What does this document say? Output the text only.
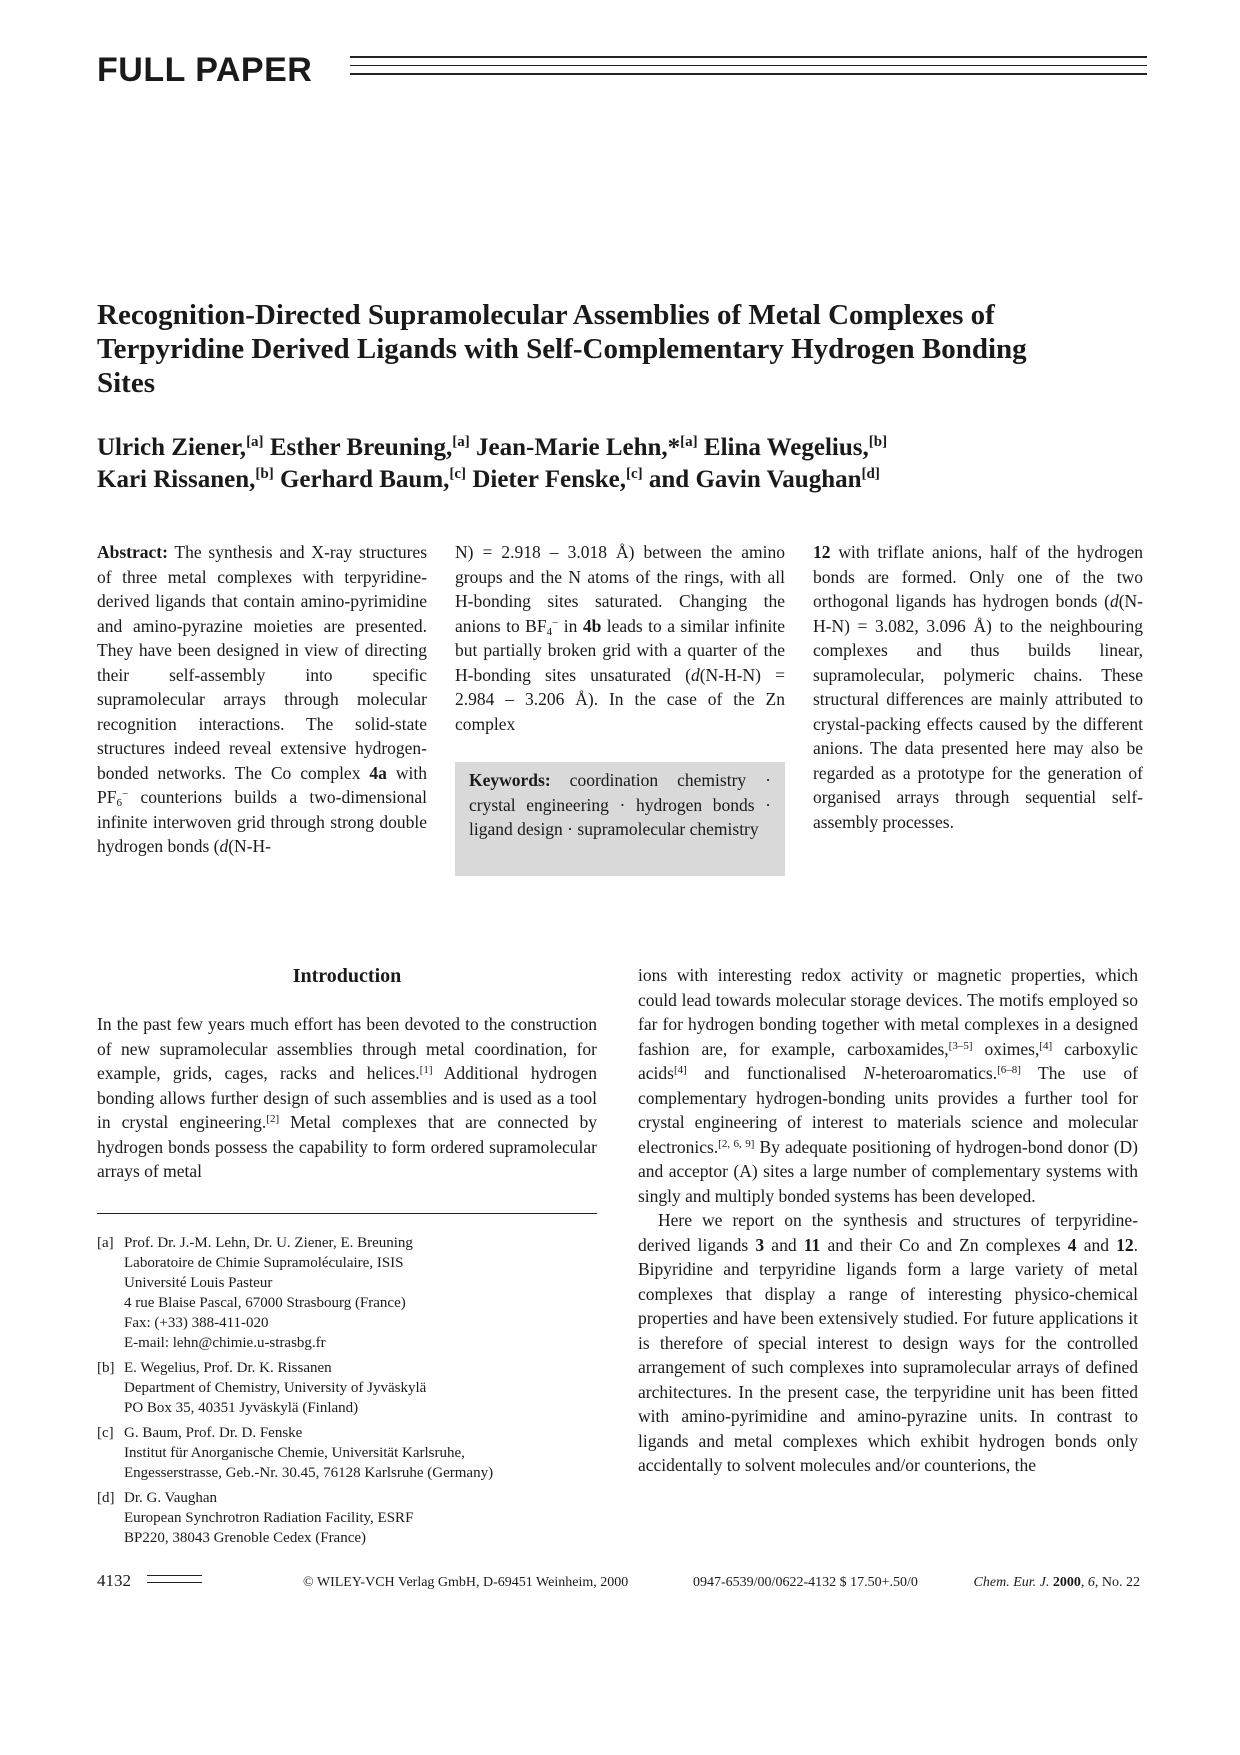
FULL PAPER
Recognition-Directed Supramolecular Assemblies of Metal Complexes of Terpyridine Derived Ligands with Self-Complementary Hydrogen Bonding Sites
Ulrich Ziener,[a] Esther Breuning,[a] Jean-Marie Lehn,*[a] Elina Wegelius,[b]
Kari Rissanen,[b] Gerhard Baum,[c] Dieter Fenske,[c] and Gavin Vaughan[d]
Abstract: The synthesis and X-ray structures of three metal complexes with terpyridine-derived ligands that contain amino-pyrimidine and amino-pyrazine moieties are presented. They have been designed in view of directing their self-assembly into specific supramolecular arrays through molecular recognition interactions. The solid-state structures indeed reveal extensive hydrogen-bonded networks. The Co complex 4a with $PF_6^-$ counterions builds a two-dimensional infinite interwoven grid through strong double hydrogen bonds (d(N-H-
N) = 2.918 – 3.018 Å) between the amino groups and the N atoms of the rings, with all H-bonding sites saturated. Changing the anions to $BF_4^-$ in 4b leads to a similar infinite but partially broken grid with a quarter of the H-bonding sites unsaturated (d(N-H-N) = 2.984 – 3.206 Å). In the case of the Zn complex
Keywords: coordination chemistry · crystal engineering · hydrogen bonds · ligand design · supramolecular chemistry
12 with triflate anions, half of the hydrogen bonds are formed. Only one of the two orthogonal ligands has hydrogen bonds (d(N-H-N) = 3.082, 3.096 Å) to the neighbouring complexes and thus builds linear, supramolecular, polymeric chains. These structural differences are mainly attributed to crystal-packing effects caused by the different anions. The data presented here may also be regarded as a prototype for the generation of organised arrays through sequential self-assembly processes.
Introduction

In the past few years much effort has been devoted to the construction of new supramolecular assemblies through metal coordination, for example, grids, cages, racks and helices.[1] Additional hydrogen bonding allows further design of such assemblies and is used as a tool in crystal engineering.[2] Metal complexes that are connected by hydrogen bonds possess the capability to form ordered supramolecular arrays of metal

[a] Prof. Dr. J.-M. Lehn, Dr. U. Ziener, E. Breuning
Laboratoire de Chimie Supramoléculaire, ISIS
Université Louis Pasteur
4 rue Blaise Pascal, 67000 Strasbourg (France)
Fax: (+33) 388-411-020
E-mail: lehn@chimie.u-strasbg.fr
[b] E. Wegelius, Prof. Dr. K. Rissanen
Department of Chemistry, University of Jyväskylä
PO Box 35, 40351 Jyväskylä (Finland)
[c] G. Baum, Prof. Dr. D. Fenske
Institut für Anorganische Chemie, Universität Karlsruhe,
Engesserstrasse, Geb.-Nr. 30.45, 76128 Karlsruhe (Germany)
[d] Dr. G. Vaughan
European Synchrotron Radiation Facility, ESRF
BP220, 38043 Grenoble Cedex (France)

ions with interesting redox activity or magnetic properties, which could lead towards molecular storage devices. The motifs employed so far for hydrogen bonding together with metal complexes in a designed fashion are, for example, carboxamides,[3–5] oximes,[4] carboxylic acids[4] and functionalised N-heteroaromatics.[6–8] The use of complementary hydrogen-bonding units provides a further tool for crystal engineering of interest to materials science and molecular electronics.[2, 6, 9] By adequate positioning of hydrogen-bond donor (D) and acceptor (A) sites a large number of complementary systems with singly and multiply bonded systems has been developed.

Here we report on the synthesis and structures of terpyridine-derived ligands 3 and 11 and their Co and Zn complexes 4 and 12. Bipyridine and terpyridine ligands form a large variety of metal complexes that display a range of interesting physico-chemical properties and have been extensively studied. For future applications it is therefore of special interest to design ways for the controlled arrangement of such complexes into supramolecular arrays of defined architectures. In the present case, the terpyridine unit has been fitted with amino-pyrimidine and amino-pyrazine units. In contrast to ligands and metal complexes which exhibit hydrogen bonds only accidentally to solvent molecules and/or counterions, the

4132	© WILEY-VCH Verlag GmbH, D-69451 Weinheim, 2000	0947-6539/00/0622-4132 $ 17.50+.50/0	Chem. Eur. J. 2000, 6, No. 22
